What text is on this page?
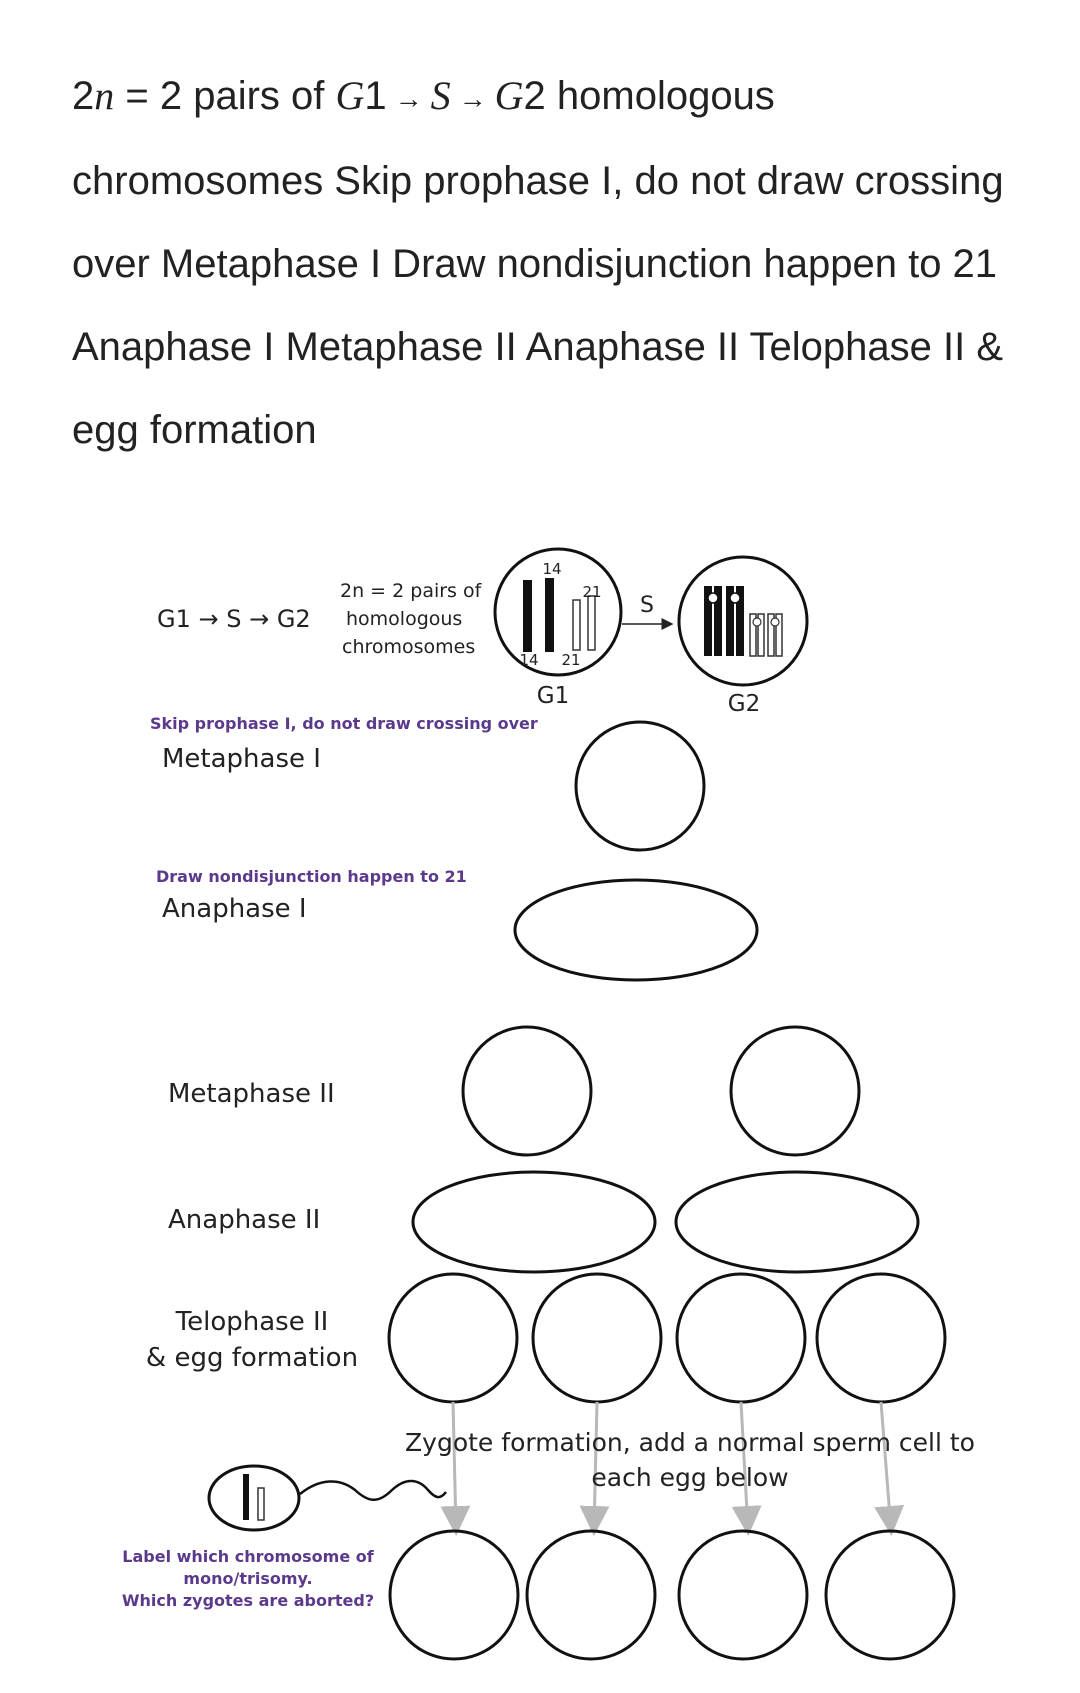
2n = 2 pairs of G1 → S → G2 homologous
chromosomes Skip prophase I, do not draw crossing
over Metaphase I Draw nondisjunction happen to 21
Anaphase I Metaphase II Anaphase II Telophase II &
egg formation
G1 → S → G2
2n = 2 pairs of
homologous
chromosomes
14
21
14 21
G1
S
G2
Skip prophase I, do not draw crossing over
Metaphase I
Draw nondisjunction happen to 21
Anaphase I
Metaphase II
Anaphase II
Telophase II
& egg formation
Zygote formation, add a normal sperm cell to
each egg below
Label which chromosome of
mono/trisomy.
Which zygotes are aborted?
